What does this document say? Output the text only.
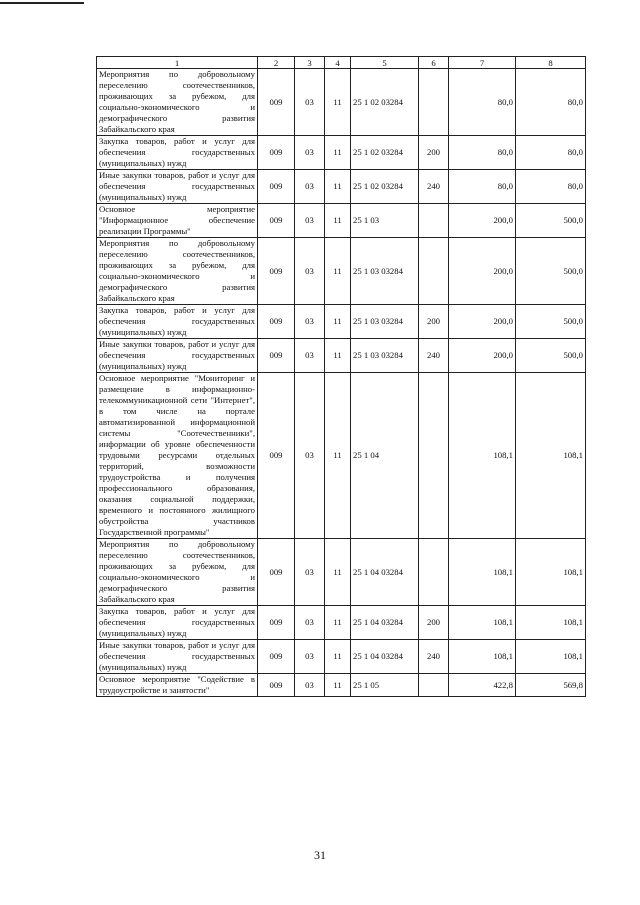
1	2	3	4	5	6	7	8
Мероприятия по добровольному переселению соотечественников, проживающих за рубежом, для социально-экономического и демографического развития Забайкальского края	009	03	11	25 1 02 03284		80,0	80,0
Закупка товаров, работ и услуг для обеспечения государственных (муниципальных) нужд	009	03	11	25 1 02 03284	200	80,0	80,0
Иные закупки товаров, работ и услуг для обеспечения государственных (муниципальных) нужд	009	03	11	25 1 02 03284	240	80,0	80,0
Основное мероприятие "Информационное обеспечение реализации Программы"	009	03	11	25 1 03		200,0	500,0
Мероприятия по добровольному переселению соотечественников, проживающих за рубежом, для социально-экономического и демографического развития Забайкальского края	009	03	11	25 1 03 03284		200,0	500,0
Закупка товаров, работ и услуг для обеспечения государственных (муниципальных) нужд	009	03	11	25 1 03 03284	200	200,0	500,0
Иные закупки товаров, работ и услуг для обеспечения государственных (муниципальных) нужд	009	03	11	25 1 03 03284	240	200,0	500,0
Основное мероприятие "Мониторинг и размещение в информационно-телекоммуникационной сети "Интернет", в том числе на портале автоматизированной информационной системы "Соотечественники", информации об уровне обеспеченности трудовыми ресурсами отдельных территорий, возможности трудоустройства и получения профессионального образования, оказания социальной поддержки, временного и постоянного жилищного обустройства участников Государственной программы"	009	03	11	25 1 04		108,1	108,1
Мероприятия по добровольному переселению соотечественников, проживающих за рубежом, для социально-экономического и демографического развития Забайкальского края	009	03	11	25 1 04 03284		108,1	108,1
Закупка товаров, работ и услуг для обеспечения государственных (муниципальных) нужд	009	03	11	25 1 04 03284	200	108,1	108,1
Иные закупки товаров, работ и услуг для обеспечения государственных (муниципальных) нужд	009	03	11	25 1 04 03284	240	108,1	108,1
Основное мероприятие "Содействие в трудоустройстве и занятости"	009	03	11	25 1 05		422,8	569,8
31
